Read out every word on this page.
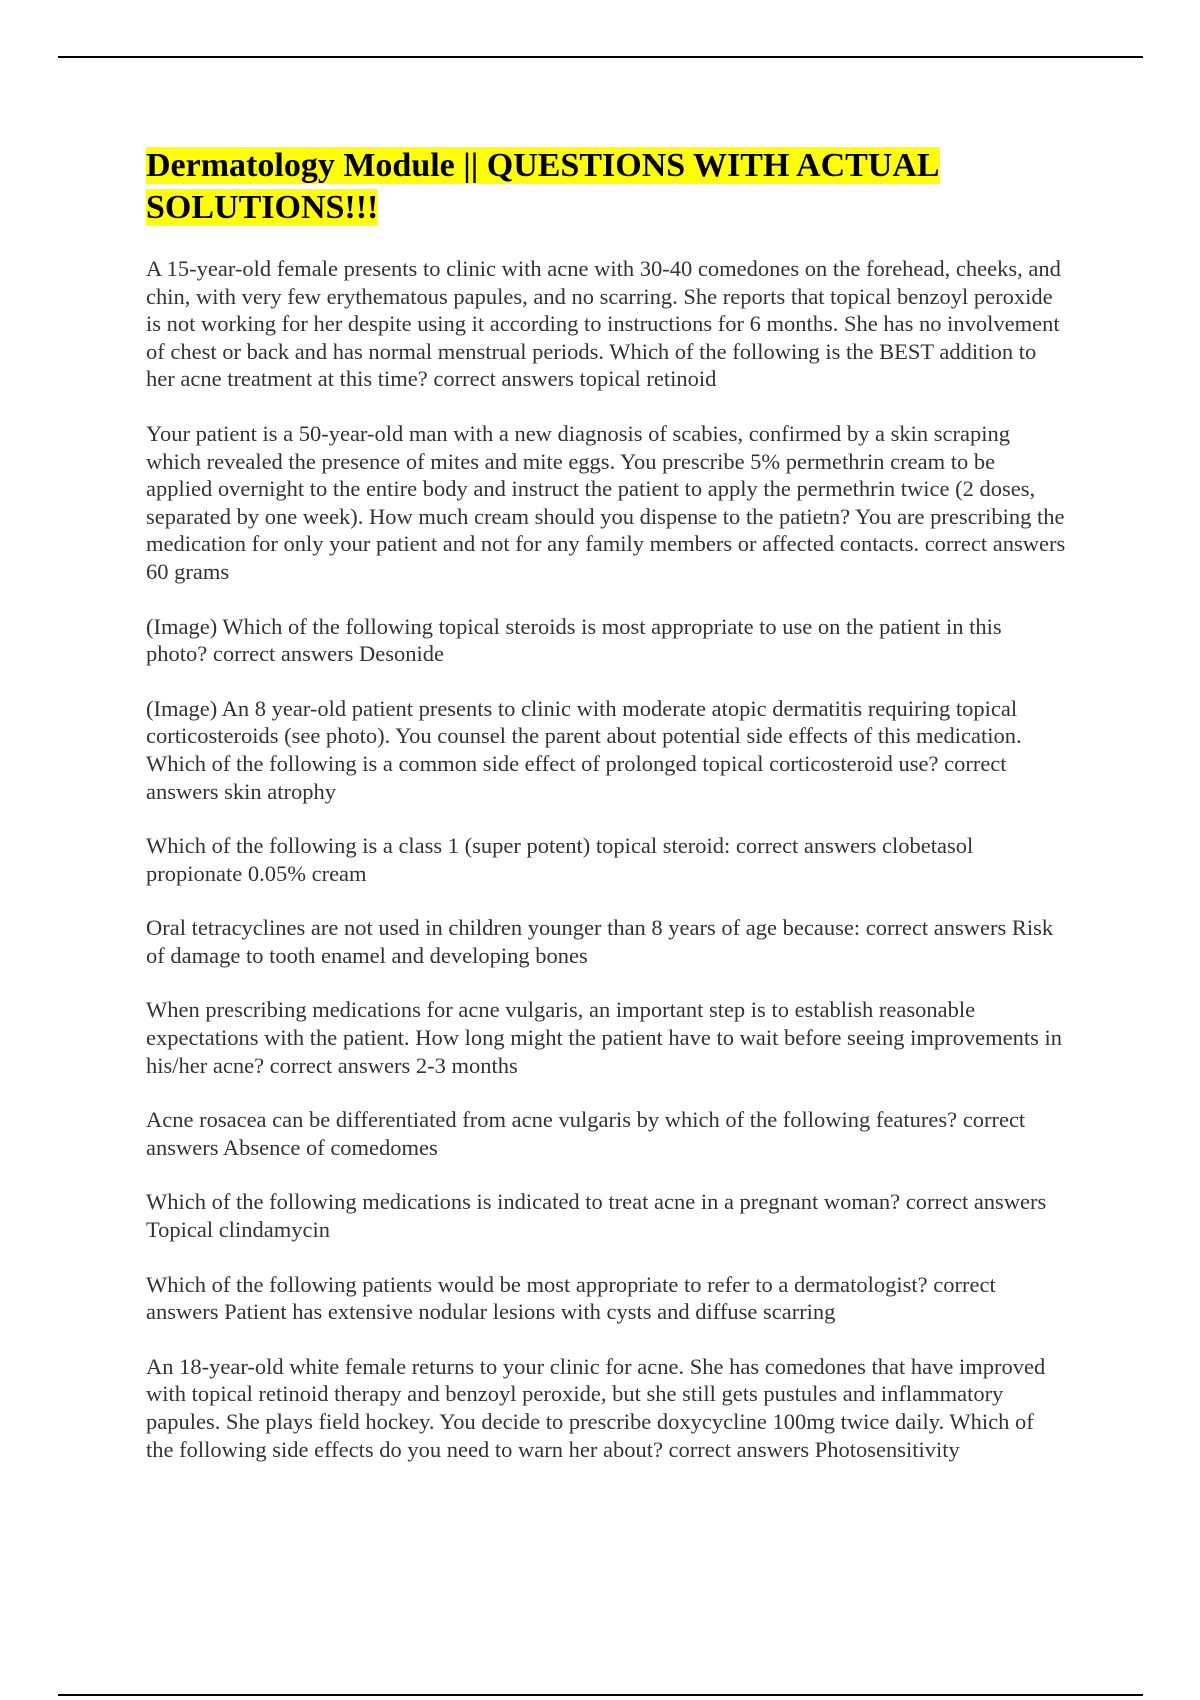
Dermatology Module || QUESTIONS WITH ACTUAL
SOLUTIONS!!!

A 15-year-old female presents to clinic with acne with 30-40 comedones on the forehead, cheeks, and chin, with very few erythematous papules, and no scarring. She reports that topical benzoyl peroxide is not working for her despite using it according to instructions for 6 months. She has no involvement of chest or back and has normal menstrual periods. Which of the following is the BEST addition to her acne treatment at this time? correct answers topical retinoid

Your patient is a 50-year-old man with a new diagnosis of scabies, confirmed by a skin scraping which revealed the presence of mites and mite eggs. You prescribe 5% permethrin cream to be applied overnight to the entire body and instruct the patient to apply the permethrin twice (2 doses, separated by one week). How much cream should you dispense to the patietn? You are prescribing the medication for only your patient and not for any family members or affected contacts. correct answers 60 grams

(Image) Which of the following topical steroids is most appropriate to use on the patient in this photo? correct answers Desonide

(Image) An 8 year-old patient presents to clinic with moderate atopic dermatitis requiring topical corticosteroids (see photo). You counsel the parent about potential side effects of this medication. Which of the following is a common side effect of prolonged topical corticosteroid use? correct answers skin atrophy

Which of the following is a class 1 (super potent) topical steroid: correct answers clobetasol propionate 0.05% cream

Oral tetracyclines are not used in children younger than 8 years of age because: correct answers Risk of damage to tooth enamel and developing bones

When prescribing medications for acne vulgaris, an important step is to establish reasonable expectations with the patient. How long might the patient have to wait before seeing improvements in his/her acne? correct answers 2-3 months

Acne rosacea can be differentiated from acne vulgaris by which of the following features? correct answers Absence of comedomes

Which of the following medications is indicated to treat acne in a pregnant woman? correct answers Topical clindamycin

Which of the following patients would be most appropriate to refer to a dermatologist? correct answers Patient has extensive nodular lesions with cysts and diffuse scarring

An 18-year-old white female returns to your clinic for acne. She has comedones that have improved with topical retinoid therapy and benzoyl peroxide, but she still gets pustules and inflammatory papules. She plays field hockey. You decide to prescribe doxycycline 100mg twice daily. Which of the following side effects do you need to warn her about? correct answers Photosensitivity
